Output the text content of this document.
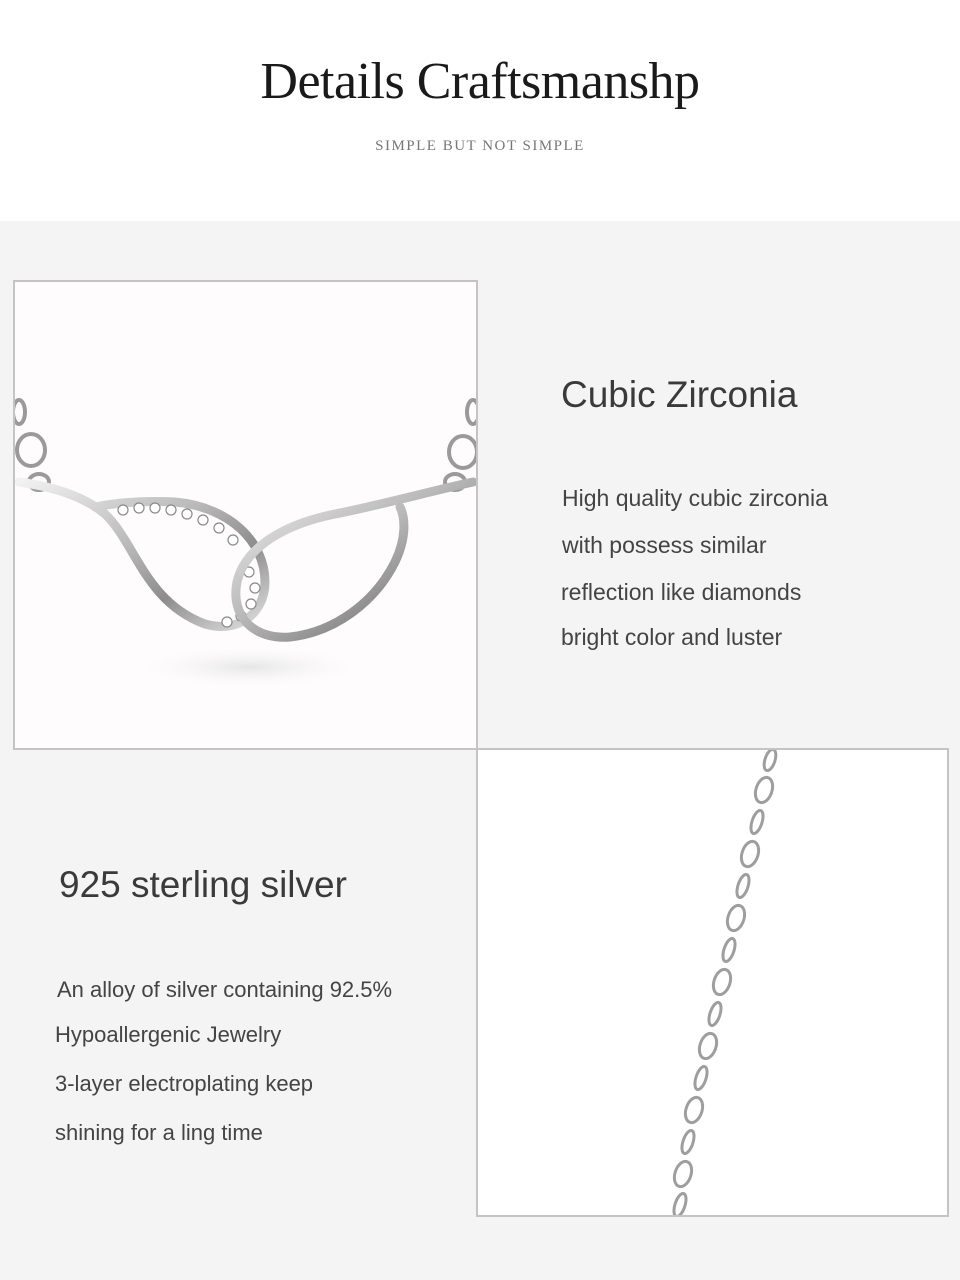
Details Craftsmanshp
SIMPLE BUT NOT SIMPLE
Cubic Zirconia
High quality cubic zirconia
with possess similar
reflection like diamonds
bright color and luster
925 sterling silver
An alloy of silver containing 92.5%
Hypoallergenic Jewelry
3-layer electroplating keep
shining for a ling time
